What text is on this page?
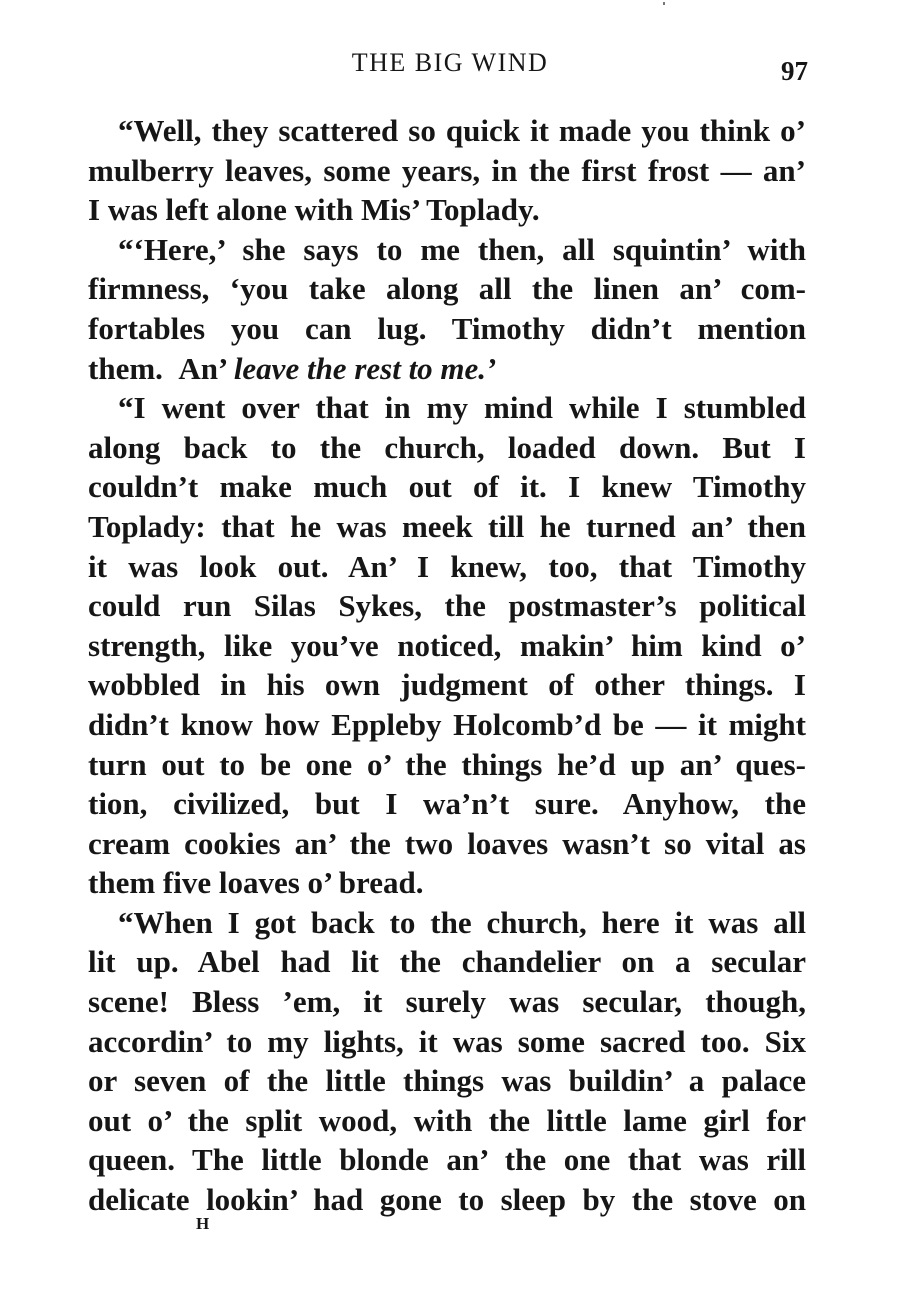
THE BIG WIND	97
“Well, they scattered so quick it made you think o’
mulberry leaves, some years, in the first frost — an’
I was left alone with Mis’ Toplady.
“‘Here,’ she says to me then, all squintin’ with
firmness, ‘you take along all the linen an’ com-
fortables you can lug. Timothy didn’t mention
them. An’ leave the rest to me.’
“I went over that in my mind while I stumbled
along back to the church, loaded down. But I
couldn’t make much out of it. I knew Timothy
Toplady: that he was meek till he turned an’ then
it was look out. An’ I knew, too, that Timothy
could run Silas Sykes, the postmaster’s political
strength, like you’ve noticed, makin’ him kind o’
wobbled in his own judgment of other things. I
didn’t know how Eppleby Holcomb’d be — it might
turn out to be one o’ the things he’d up an’ ques-
tion, civilized, but I wa’n’t sure. Anyhow, the
cream cookies an’ the two loaves wasn’t so vital as
them five loaves o’ bread.
“When I got back to the church, here it was all
lit up. Abel had lit the chandelier on a secular
scene! Bless ’em, it surely was secular, though,
accordin’ to my lights, it was some sacred too. Six
or seven of the little things was buildin’ a palace
out o’ the split wood, with the little lame girl for
queen. The little blonde an’ the one that was rill
delicate lookin’ had gone to sleep by the stove on
H
